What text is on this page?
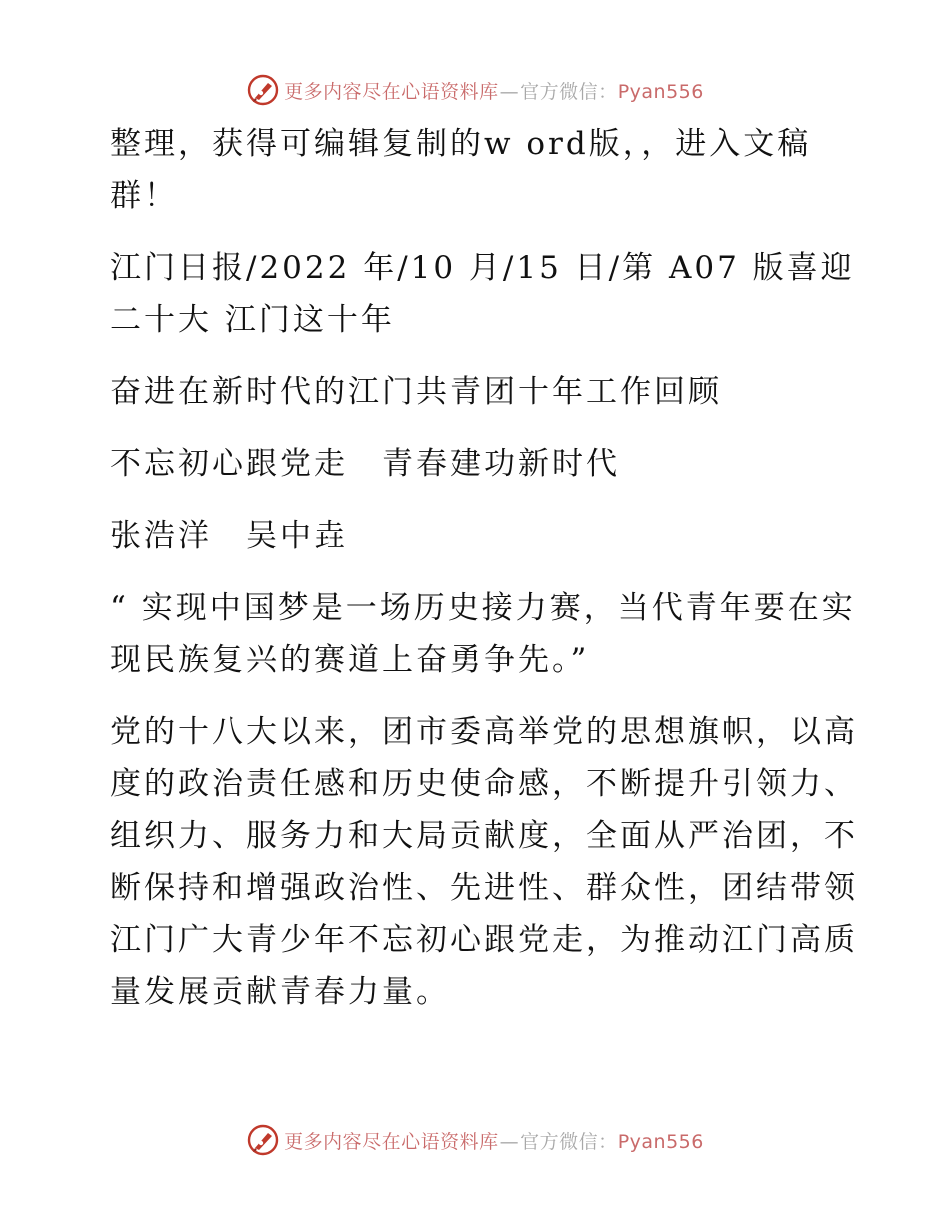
更多内容尽在心语资料库—官方微信：Pyan556

整理，获得可编辑复制的w ord版，，进入文稿群！

江门日报/2022 年/10 月/15 日/第 A07 版喜迎二十大 江门这十年

奋进在新时代的江门共青团十年工作回顾

不忘初心跟党走　青春建功新时代

张浩洋　吴中垚

“ 实现中国梦是一场历史接力赛，当代青年要在实现民族复兴的赛道上奋勇争先。”

党的十八大以来，团市委高举党的思想旗帜，以高度的政治责任感和历史使命感，不断提升引领力、组织力、服务力和大局贡献度，全面从严治团，不断保持和增强政治性、先进性、群众性，团结带领江门广大青少年不忘初心跟党走，为推动江门高质量发展贡献青春力量。

更多内容尽在心语资料库—官方微信：Pyan556
